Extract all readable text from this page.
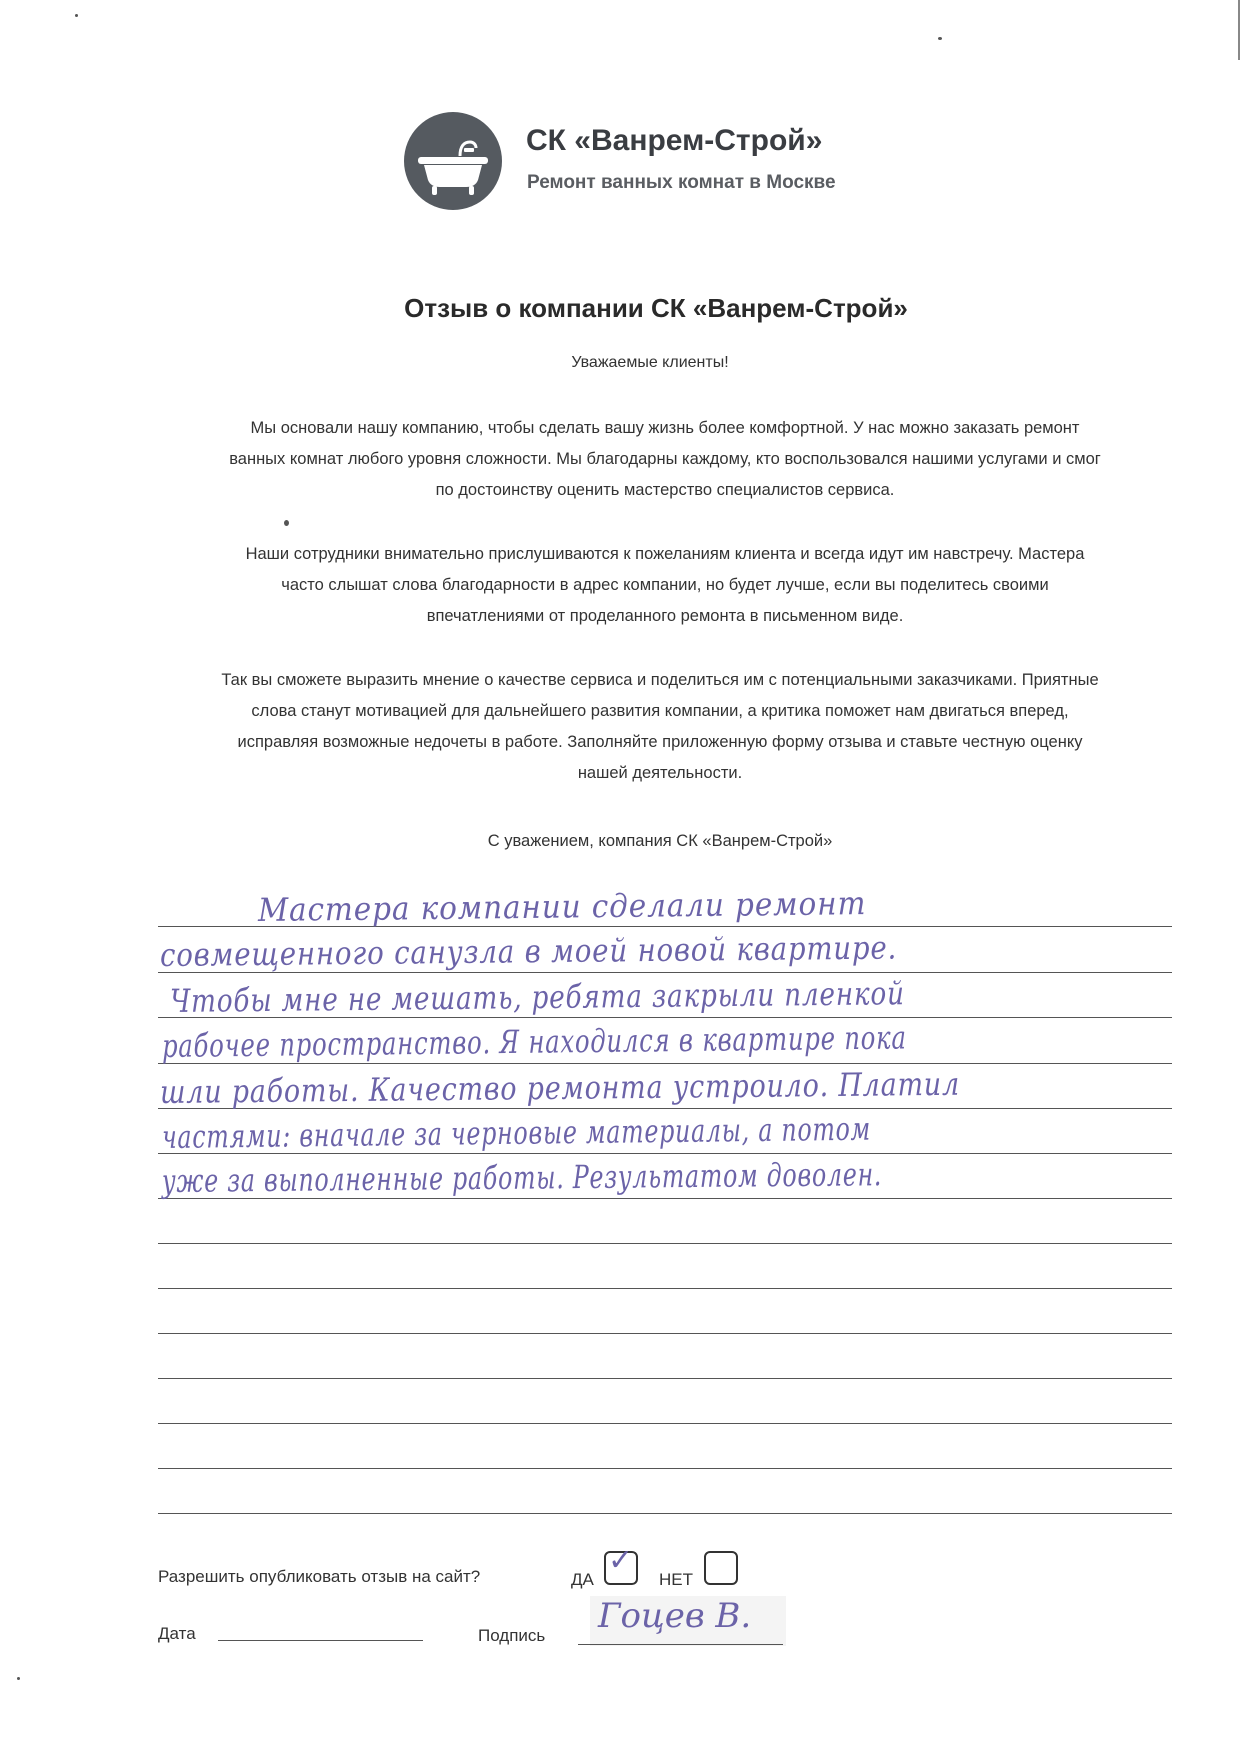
СК «Ванрем-Строй»
Ремонт ванных комнат в Москве
Отзыв о компании СК «Ванрем-Строй»
Уважаемые клиенты!
Мы основали нашу компанию, чтобы сделать вашу жизнь более комфортной. У нас можно заказать ремонт
ванных комнат любого уровня сложности. Мы благодарны каждому, кто воспользовался нашими услугами и смог
по достоинству оценить мастерство специалистов сервиса.
Наши сотрудники внимательно прислушиваются к пожеланиям клиента и всегда идут им навстречу. Мастера
часто слышат слова благодарности в адрес компании, но будет лучше, если вы поделитесь своими
впечатлениями от проделанного ремонта в письменном виде.
Так вы сможете выразить мнение о качестве сервиса и поделиться им с потенциальными заказчиками. Приятные
слова станут мотивацией для дальнейшего развития компании, а критика поможет нам двигаться вперед,
исправляя возможные недочеты в работе. Заполняйте приложенную форму отзыва и ставьте честную оценку
нашей деятельности.
С уважением, компания СК «Ванрем-Строй»
Мастера компании сделали ремонт
совмещенного санузла в моей новой квартире.
Чтобы мне не мешать, ребята закрыли пленкой
рабочее пространство. Я находился в квартире пока
шли работы. Качество ремонта устроило. Платил
частями: вначале за черновые материалы, а потом
уже за выполненные работы. Результатом доволен.
Разрешить опубликовать отзыв на сайт?	ДА
✓
НЕТ
Дата	Подпись Гоцев В.
